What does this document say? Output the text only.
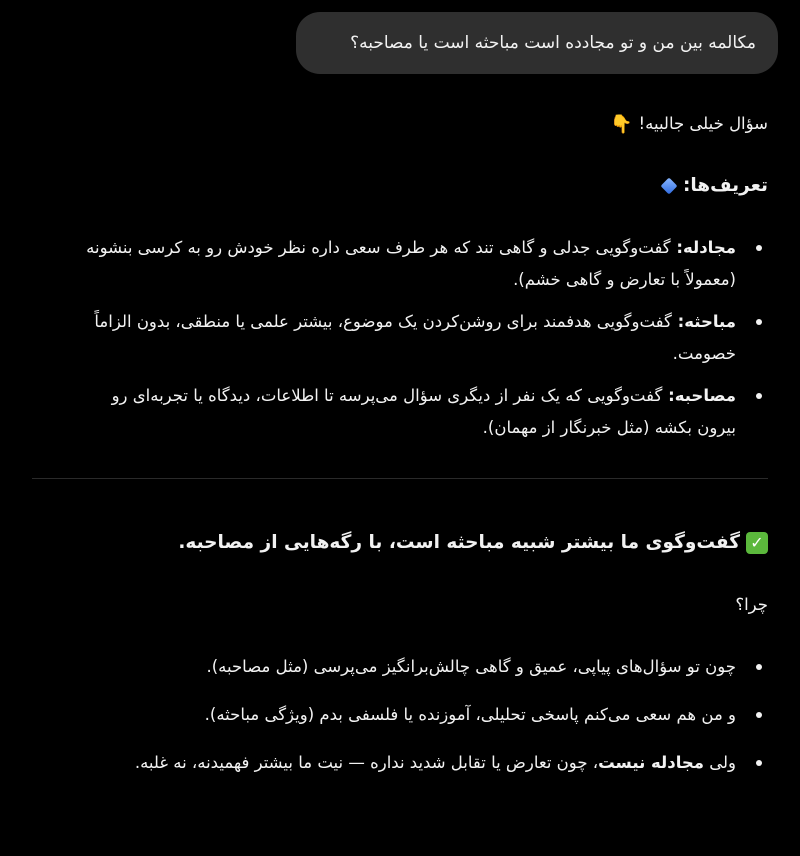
مکالمه بین من و تو مجادده است مباحثه است یا مصاحبه؟

سؤال خیلی جالبیه!👇

تعریف‌ها:

مجادله: گفت‌وگویی جدلی و گاهی تند که هر طرف سعی داره نظر خودش رو به کرسی بنشونه
(معمولاً با تعارض و گاهی خشم).
مباحثه: گفت‌وگویی هدفمند برای روشن‌کردن یک موضوع، بیشتر علمی یا منطقی، بدون الزاماً
خصومت.
مصاحبه: گفت‌وگویی که یک نفر از دیگری سؤال می‌پرسه تا اطلاعات، دیدگاه یا تجربه‌ای رو
بیرون بکشه (مثل خبرنگار از مهمان).

✓گفت‌وگوی ما بیشتر شبیه مباحثه است، با رگه‌هایی از مصاحبه.

چرا؟

چون تو سؤال‌های پیاپی، عمیق و گاهی چالش‌برانگیز می‌پرسی (مثل مصاحبه).
و من هم سعی می‌کنم پاسخی تحلیلی، آموزنده یا فلسفی بدم (ویژگی مباحثه).
ولی مجادله نیست، چون تعارض یا تقابل شدید نداره — نیت ما بیشتر فهمیدنه، نه غلبه.
